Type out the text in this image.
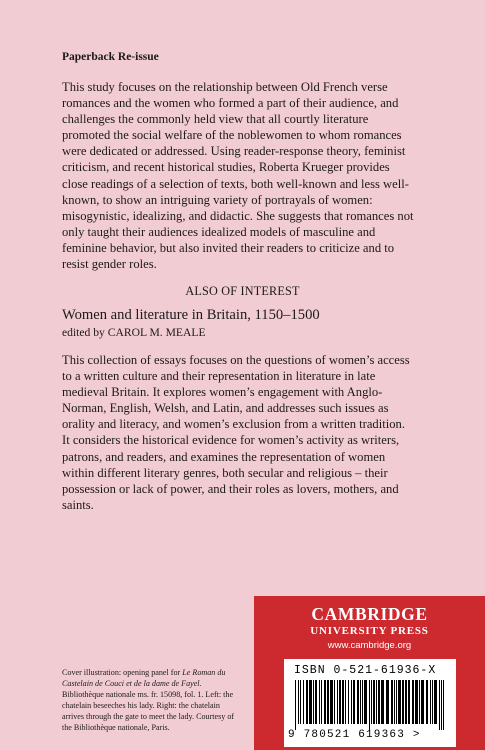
Paperback Re-issue
This study focuses on the relationship between Old French verse
romances and the women who formed a part of their audience, and
challenges the commonly held view that all courtly literature
promoted the social welfare of the noblewomen to whom romances
were dedicated or addressed. Using reader-response theory, feminist
criticism, and recent historical studies, Roberta Krueger provides
close readings of a selection of texts, both well-known and less well-
known, to show an intriguing variety of portrayals of women:
misogynistic, idealizing, and didactic. She suggests that romances not
only taught their audiences idealized models of masculine and
feminine behavior, but also invited their readers to criticize and to
resist gender roles.
ALSO OF INTEREST
Women and literature in Britain, 1150–1500
edited by CAROL M. MEALE
This collection of essays focuses on the questions of women’s access
to a written culture and their representation in literature in late
medieval Britain. It explores women’s engagement with Anglo-
Norman, English, Welsh, and Latin, and addresses such issues as
orality and literacy, and women’s exclusion from a written tradition.
It considers the historical evidence for women’s activity as writers,
patrons, and readers, and examines the representation of women
within different literary genres, both secular and religious – their
possession or lack of power, and their roles as lovers, mothers, and
saints.
Cover illustration: opening panel for Le Roman du Castelain de Couci et de la dame de Fayel. Bibliothèque nationale ms. fr. 15098, fol. 1. Left: the chatelain beseeches his lady. Right: the chatelain arrives through the gate to meet the lady. Courtesy of the Bibliothèque nationale, Paris.
CAMBRIDGE
UNIVERSITY PRESS
www.cambridge.org
ISBN 0-521-61936-X
9 780521 619363 >
